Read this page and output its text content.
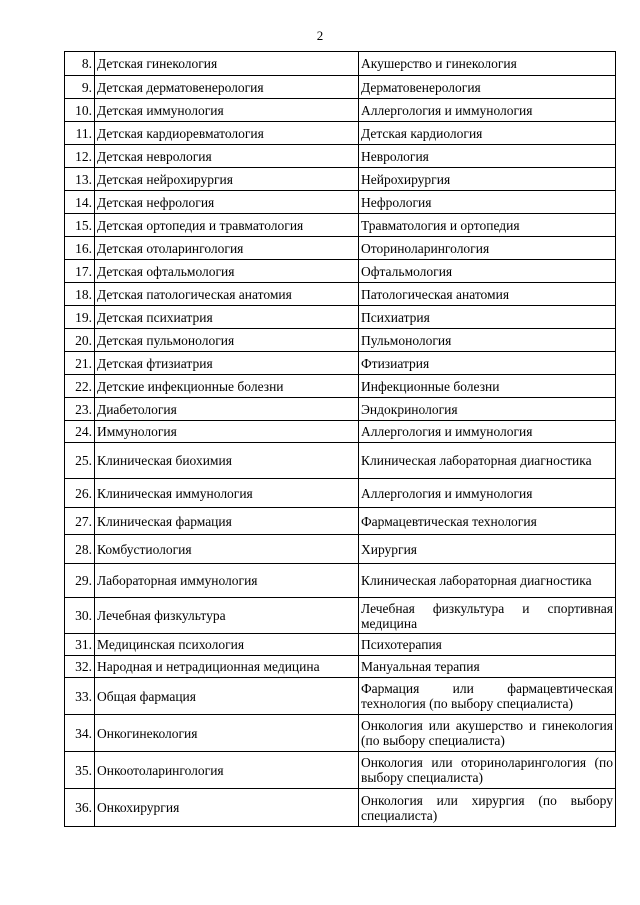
2
8.	Детская гинекология	Акушерство и гинекология
9.	Детская дерматовенерология	Дерматовенерология
10.	Детская иммунология	Аллергология и иммунология
11.	Детская кардиоревматология	Детская кардиология
12.	Детская неврология	Неврология
13.	Детская нейрохирургия	Нейрохирургия
14.	Детская нефрология	Нефрология
15.	Детская ортопедия и травматология	Травматология и ортопедия
16.	Детская отоларингология	Оториноларингология
17.	Детская офтальмология	Офтальмология
18.	Детская патологическая анатомия	Патологическая анатомия
19.	Детская психиатрия	Психиатрия
20.	Детская пульмонология	Пульмонология
21.	Детская фтизиатрия	Фтизиатрия
22.	Детские инфекционные болезни	Инфекционные болезни
23.	Диабетология	Эндокринология
24.	Иммунология	Аллергология и иммунология
25.	Клиническая биохимия	Клиническая лабораторная диагностика
26.	Клиническая иммунология	Аллергология и иммунология
27.	Клиническая фармация	Фармацевтическая технология
28.	Комбустиология	Хирургия
29.	Лабораторная иммунология	Клиническая лабораторная диагностика
30.	Лечебная физкультура	Лечебная физкультура и спортивная медицина
31.	Медицинская психология	Психотерапия
32.	Народная и нетрадиционная медицина	Мануальная терапия
33.	Общая фармация	Фармация или фармацевтическая технология (по выбору специалиста)
34.	Онкогинекология	Онкология или акушерство и гинекология (по выбору специалиста)
35.	Онкоотоларингология	Онкология или оториноларингология (по выбору специалиста)
36.	Онкохирургия	Онкология или хирургия (по выбору специалиста)
